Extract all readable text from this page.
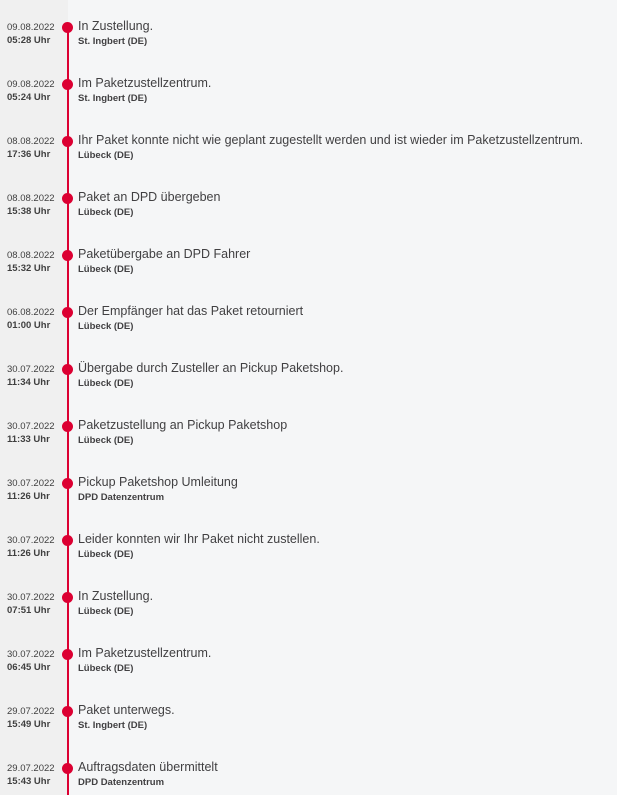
09.08.2022
05:28 Uhr
In Zustellung.
St. Ingbert (DE)
09.08.2022
05:24 Uhr
Im Paketzustellzentrum.
St. Ingbert (DE)
08.08.2022
17:36 Uhr
Ihr Paket konnte nicht wie geplant zugestellt werden und ist wieder im Paketzustellzentrum.
Lübeck (DE)
08.08.2022
15:38 Uhr
Paket an DPD übergeben
Lübeck (DE)
08.08.2022
15:32 Uhr
Paketübergabe an DPD Fahrer
Lübeck (DE)
06.08.2022
01:00 Uhr
Der Empfänger hat das Paket retourniert
Lübeck (DE)
30.07.2022
11:34 Uhr
Übergabe durch Zusteller an Pickup Paketshop.
Lübeck (DE)
30.07.2022
11:33 Uhr
Paketzustellung an Pickup Paketshop
Lübeck (DE)
30.07.2022
11:26 Uhr
Pickup Paketshop Umleitung
DPD Datenzentrum
30.07.2022
11:26 Uhr
Leider konnten wir Ihr Paket nicht zustellen.
Lübeck (DE)
30.07.2022
07:51 Uhr
In Zustellung.
Lübeck (DE)
30.07.2022
06:45 Uhr
Im Paketzustellzentrum.
Lübeck (DE)
29.07.2022
15:49 Uhr
Paket unterwegs.
St. Ingbert (DE)
29.07.2022
15:43 Uhr
Auftragsdaten übermittelt
DPD Datenzentrum
